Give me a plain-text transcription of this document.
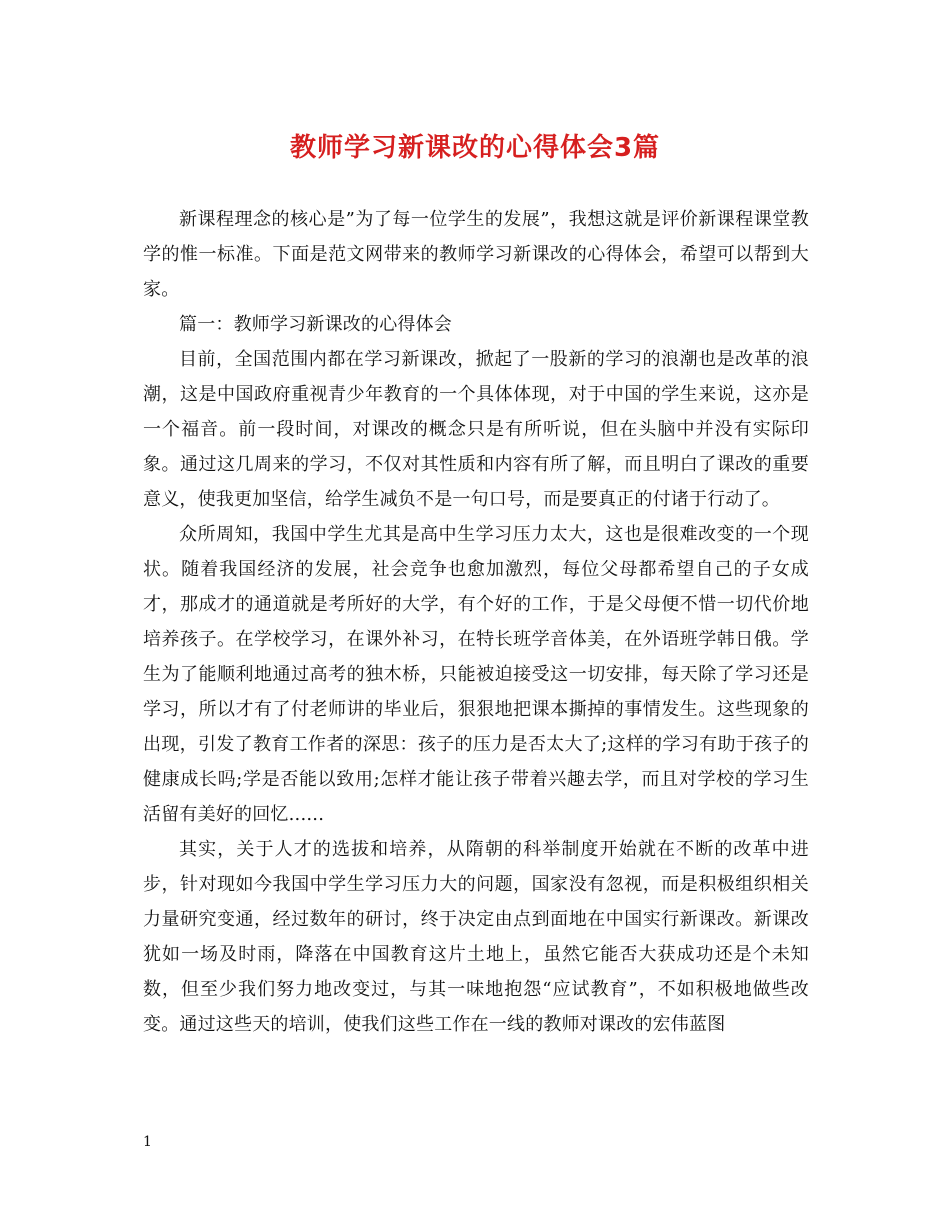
教师学习新课改的心得体会3篇

新课程理念的核心是”为了每一位学生的发展”，我想这就是评价新课程课堂教学的惟一标准。下面是范文网带来的教师学习新课改的心得体会，希望可以帮到大家。

篇一：教师学习新课改的心得体会

目前，全国范围内都在学习新课改，掀起了一股新的学习的浪潮也是改革的浪潮，这是中国政府重视青少年教育的一个具体体现，对于中国的学生来说，这亦是一个福音。前一段时间，对课改的概念只是有所听说，但在头脑中并没有实际印象。通过这几周来的学习，不仅对其性质和内容有所了解，而且明白了课改的重要意义，使我更加坚信，给学生减负不是一句口号，而是要真正的付诸于行动了。

众所周知，我国中学生尤其是高中生学习压力太大，这也是很难改变的一个现状。随着我国经济的发展，社会竞争也愈加激烈，每位父母都希望自己的子女成才，那成才的通道就是考所好的大学，有个好的工作，于是父母便不惜一切代价地培养孩子。在学校学习，在课外补习，在特长班学音体美，在外语班学韩日俄。学生为了能顺利地通过高考的独木桥，只能被迫接受这一切安排，每天除了学习还是学习，所以才有了付老师讲的毕业后，狠狠地把课本撕掉的事情发生。这些现象的出现，引发了教育工作者的深思：孩子的压力是否太大了;这样的学习有助于孩子的健康成长吗;学是否能以致用;怎样才能让孩子带着兴趣去学，而且对学校的学习生活留有美好的回忆......

其实，关于人才的选拔和培养，从隋朝的科举制度开始就在不断的改革中进步，针对现如今我国中学生学习压力大的问题，国家没有忽视，而是积极组织相关力量研究变通，经过数年的研讨，终于决定由点到面地在中国实行新课改。新课改犹如一场及时雨，降落在中国教育这片土地上，虽然它能否大获成功还是个未知数，但至少我们努力地改变过，与其一味地抱怨“应试教育”，不如积极地做些改变。通过这些天的培训，使我们这些工作在一线的教师对课改的宏伟蓝图

1
